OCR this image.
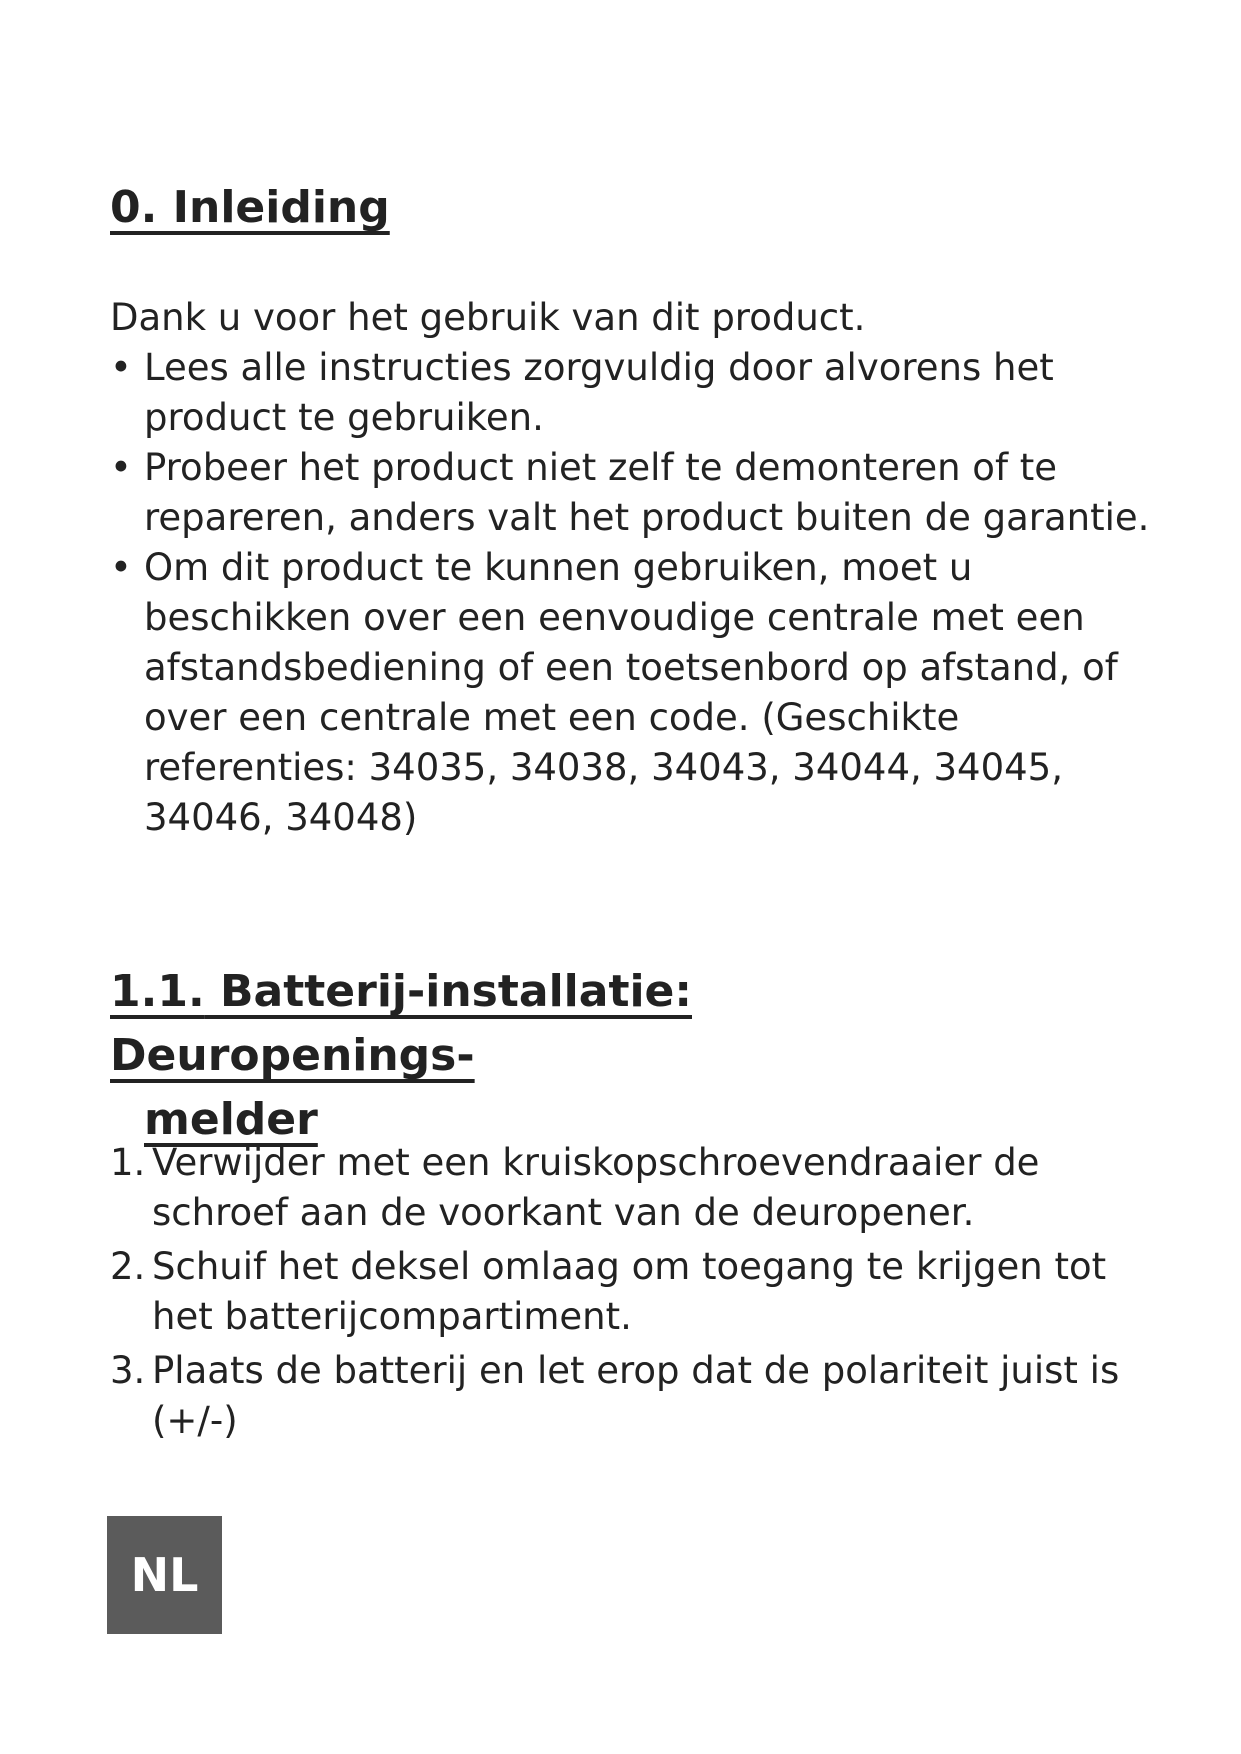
0. Inleiding

Dank u voor het gebruik van dit product.

• Lees alle instructies zorgvuldig door alvorens het product te gebruiken.
• Probeer het product niet zelf te demonteren of te repareren, anders valt het product buiten de garantie.
• Om dit product te kunnen gebruiken, moet u beschikken over een eenvoudige centrale met een afstandsbediening of een toetsenbord op afstand, of over een centrale met een code. (Geschikte referenties: 34035, 34038, 34043, 34044, 34045, 34046, 34048)
1.1. Batterij-installatie: Deuropenings-
melder
1. Verwijder met een kruiskopschroevendraaier de schroef aan de voorkant van de deuropener.
2. Schuif het deksel omlaag om toegang te krijgen tot het batterijcompartiment.
3. Plaats de batterij en let erop dat de polariteit juist is (+/-)
NL
